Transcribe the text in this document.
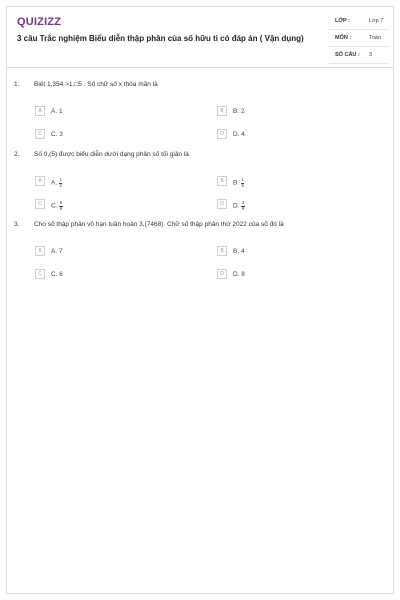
QUIZIZZ
3 câu Trắc nghiệm Biểu diễn thập phân của số hữu tỉ có đáp án ( Vận dụng)
LỚP :	Lớp 7
MÔN :	Toán
SỐ CÂU : 3
1. Biết 1,354 >1,□5 . Số chữ số x thỏa mãn là
A	A. 1	B	B. 2
C	C. 3	D	D. 4
2. Số 0,(5) được biểu diễn dưới dạng phân số tối giản là
A	A. $\frac{1}{2}$	B	B. $\frac{1}{5}$
C	C. $\frac{5}{9}$	D	D. $\frac{1}{9}$
3. Cho số thập phân vô hạn tuần hoàn 3,(7468). Chữ số thập phân thứ 2022 của số đó là
A	A. 7	B	B. 4
C	C. 6	D	D. 8
